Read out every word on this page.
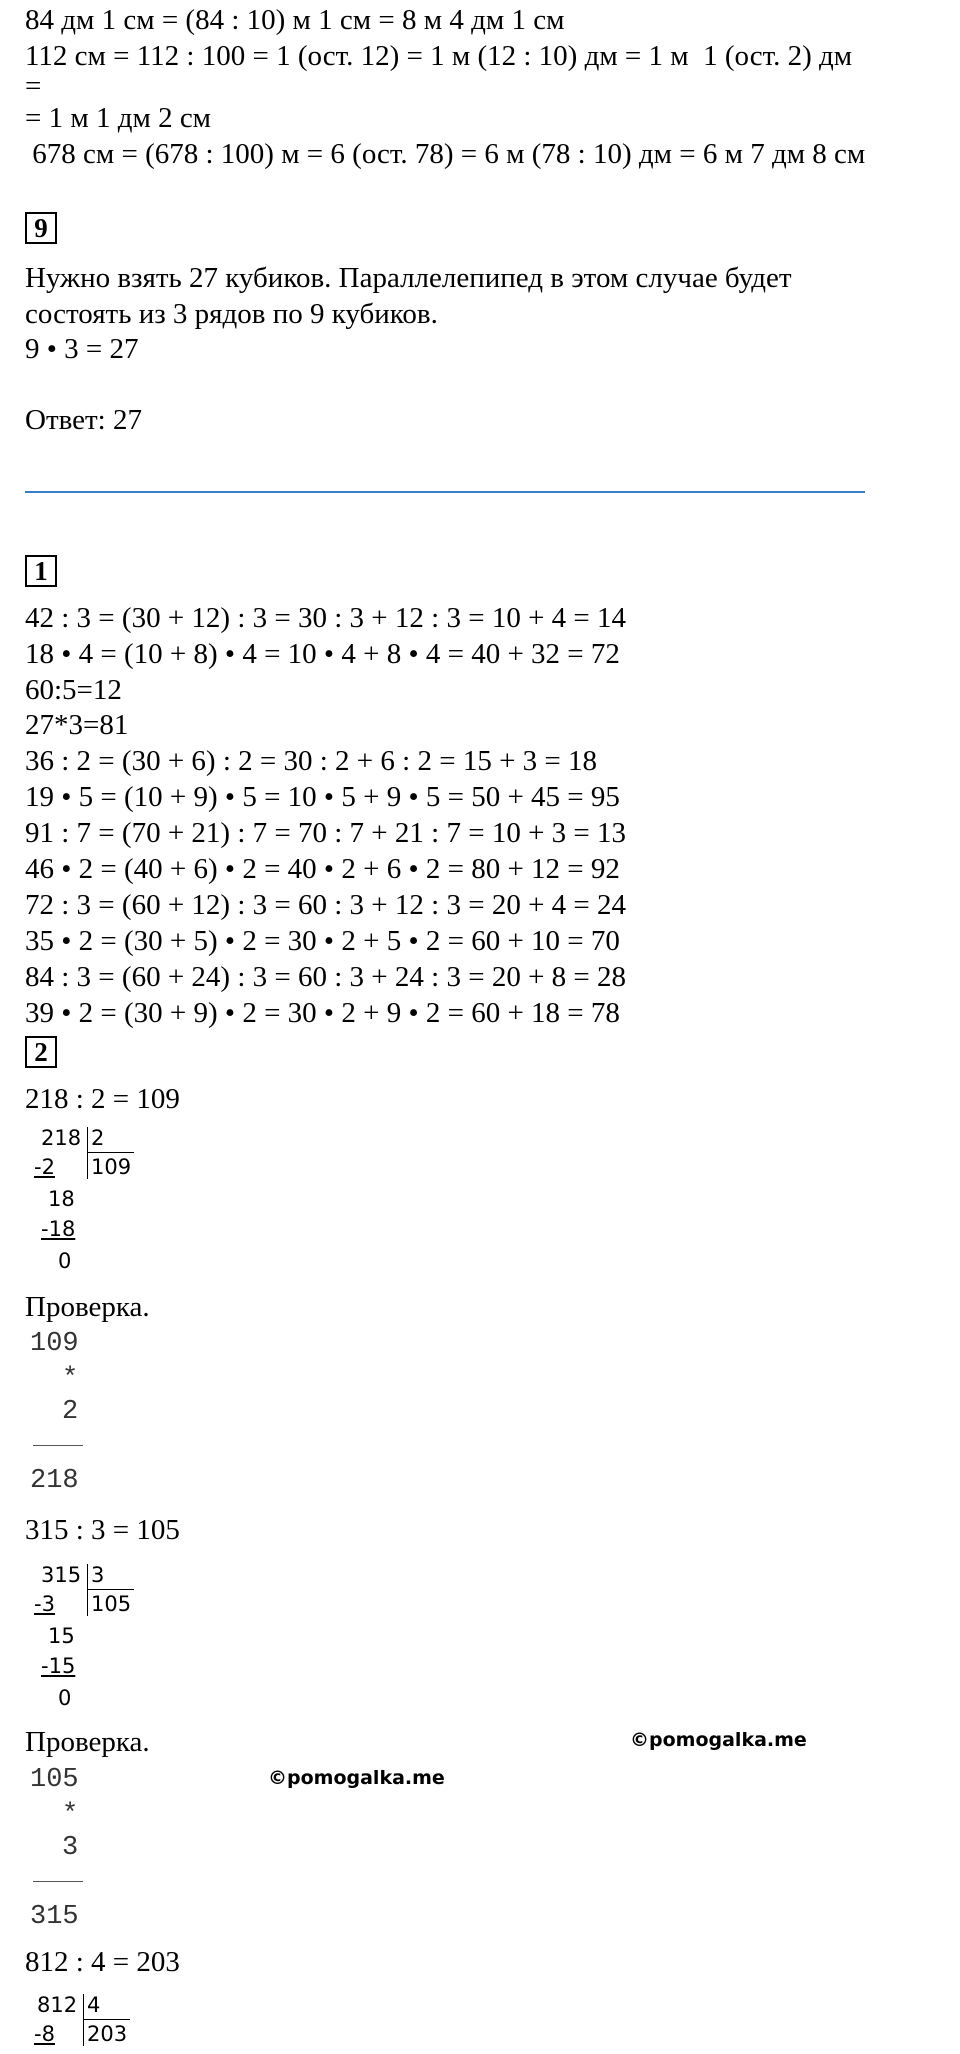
84 дм 1 см = (84 : 10) м 1 см = 8 м 4 дм 1 см
112 см = 112 : 100 = 1 (ост. 12) = 1 м (12 : 10) дм = 1 м  1 (ост. 2) дм
=
= 1 м 1 дм 2 см
678 см = (678 : 100) м = 6 (ост. 78) = 6 м (78 : 10) дм = 6 м 7 дм 8 см
9
Нужно взять 27 кубиков. Параллелепипед в этом случае будет
состоять из 3 рядов по 9 кубиков.
9 • 3 = 27
Ответ: 27
1
42 : 3 = (30 + 12) : 3 = 30 : 3 + 12 : 3 = 10 + 4 = 14
18 • 4 = (10 + 8) • 4 = 10 • 4 + 8 • 4 = 40 + 32 = 72
60:5=12
27*3=81
36 : 2 = (30 + 6) : 2 = 30 : 2 + 6 : 2 = 15 + 3 = 18
19 • 5 = (10 + 9) • 5 = 10 • 5 + 9 • 5 = 50 + 45 = 95
91 : 7 = (70 + 21) : 7 = 70 : 7 + 21 : 7 = 10 + 3 = 13
46 • 2 = (40 + 6) • 2 = 40 • 2 + 6 • 2 = 80 + 12 = 92
72 : 3 = (60 + 12) : 3 = 60 : 3 + 12 : 3 = 20 + 4 = 24
35 • 2 = (30 + 5) • 2 = 30 • 2 + 5 • 2 = 60 + 10 = 70
84 : 3 = (60 + 24) : 3 = 60 : 3 + 24 : 3 = 20 + 8 = 28
39 • 2 = (30 + 9) • 2 = 30 • 2 + 9 • 2 = 60 + 18 = 78
2
218 : 2 = 109
218 2
109
-2
18
-18
0
Проверка.
109
*
2
218
315 : 3 = 105
315 3
105
-3
15
-15
0
Проверка.
105
*
3
315
812 : 4 = 203
812 4
203
-8
©pomogalka.me
©pomogalka.me
